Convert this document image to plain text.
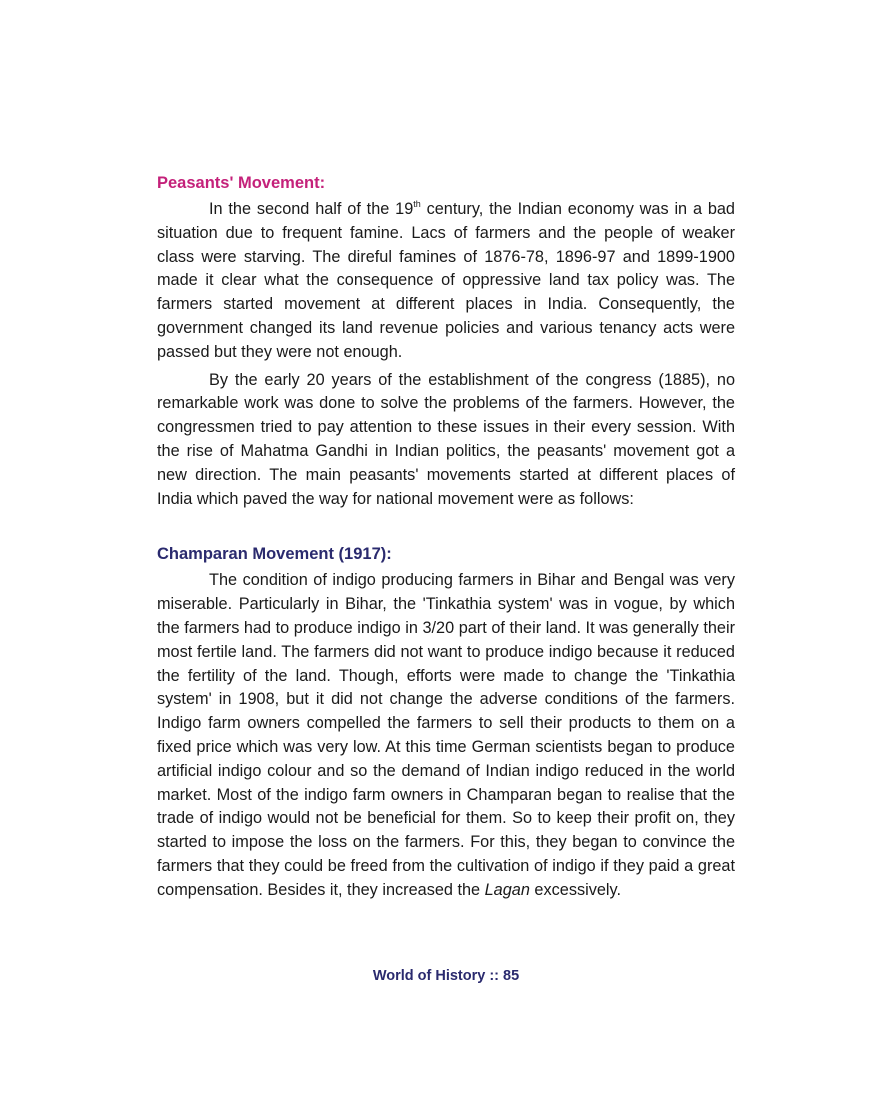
Peasants' Movement:

In the second half of the 19th century, the Indian economy was in a bad situation due to frequent famine. Lacs of farmers and the people of weaker class were starving. The direful famines of 1876-78, 1896-97 and 1899-1900 made it clear what the consequence of oppressive land tax policy was. The farmers started movement at different places in India. Consequently, the government changed its land revenue policies and various tenancy acts were passed but they were not enough.

By the early 20 years of the establishment of the congress (1885), no remarkable work was done to solve the problems of the farmers. However, the congressmen tried to pay attention to these issues in their every session. With the rise of Mahatma Gandhi in Indian politics, the peasants' movement got a new direction. The main peasants' movements started at different places of India which paved the way for national movement were as follows:

Champaran Movement (1917):

The condition of indigo producing farmers in Bihar and Bengal was very miserable. Particularly in Bihar, the 'Tinkathia system' was in vogue, by which the farmers had to produce indigo in 3/20 part of their land. It was generally their most fertile land. The farmers did not want to produce indigo because it reduced the fertility of the land. Though, efforts were made to change the 'Tinkathia system' in 1908, but it did not change the adverse conditions of the farmers. Indigo farm owners compelled the farmers to sell their products to them on a fixed price which was very low. At this time German scientists began to produce artificial indigo colour and so the demand of Indian indigo reduced in the world market. Most of the indigo farm owners in Champaran began to realise that the trade of indigo would not be beneficial for them. So to keep their profit on, they started to impose the loss on the farmers. For this, they began to convince the farmers that they could be freed from the cultivation of indigo if they paid a great compensation. Besides it, they increased the Lagan excessively.

World of History :: 85
